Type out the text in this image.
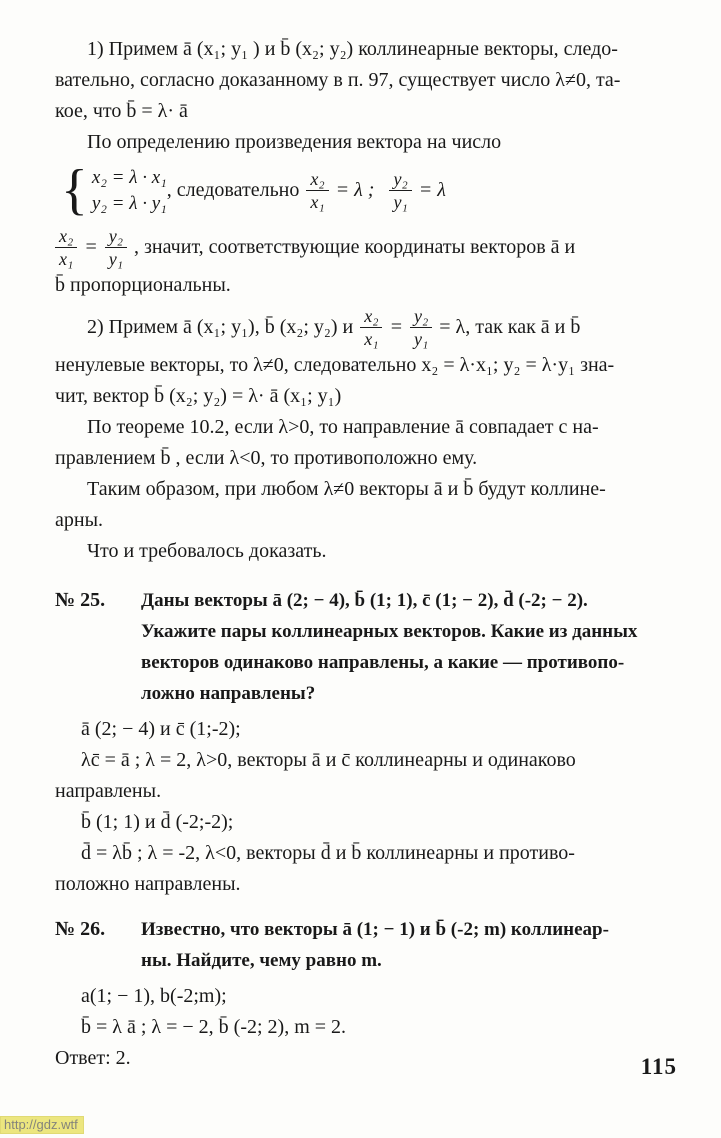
1) Примем ā (x₁; y₁ ) и b̄ (x₂; y₂) коллинеарные векторы, следо-
вательно, согласно доказанному в п. 97, существует число λ≠0, та-
кое, что b̄ = λ· ā
По определению произведения вектора на число

{ x₂ = λ · x₁
y₂ = λ · y₁
, следовательно $\frac{\text{x₂}}{\text{x₁}} = \lambda$ ; $\frac{\text{y₂}}{\text{y₁}} = \lambda$
$\frac{\text{x₂}}{\text{x₁}} = \frac{\text{y₂}}{\text{y₁}}$ , значит, соответствующие координаты векторов ā и
b̄ пропорциональны.
2) Примем ā (x₁; y₁), b̄ (x₂; y₂) и $\frac{\text{x₂}}{\text{x₁}} = \frac{\text{y₂}}{\text{y₁}} = \lambda$, так как ā и b̄

ненулевые векторы, то λ≠0, следовательно x₂ = λ·x₁; y₂ = λ·y₁ зна-
чит, вектор b̄ (x₂; y₂) = λ· ā (x₁; y₁)
По теореме 10.2, если λ>0, то направление ā совпадает с на-
правлением b̄ , если λ<0, то противоположно ему.
Таким образом, при любом λ≠0 векторы ā и b̄ будут коллине-
арны.
Что и требовалось доказать.

№ 25.	Даны векторы ā (2; − 4), b̄ (1; 1), c̄ (1; − 2), d̄ (-2; − 2).
Укажите пары коллинеарных векторов. Какие из данных
векторов одинаково направлены, а какие — противопо-
ложно направлены?
ā (2; − 4) и c̄ (1;-2);
λc̄ = ā ; λ = 2, λ>0, векторы ā и c̄ коллинеарны и одинаково
направлены.
b̄ (1; 1) и d̄ (-2;-2);
d̄ = λb̄ ; λ = -2, λ<0, векторы d̄ и b̄ коллинеарны и противо-
положно направлены.
№ 26.	Известно, что векторы ā (1; − 1) и b̄ (-2; m) коллинеар-
ны. Найдите, чему равно m.
a(1; − 1), b(-2;m);
b̄ = λ ā ; λ = − 2, b̄ (-2; 2), m = 2.
Ответ: 2.	115
http://gdz.wtf
